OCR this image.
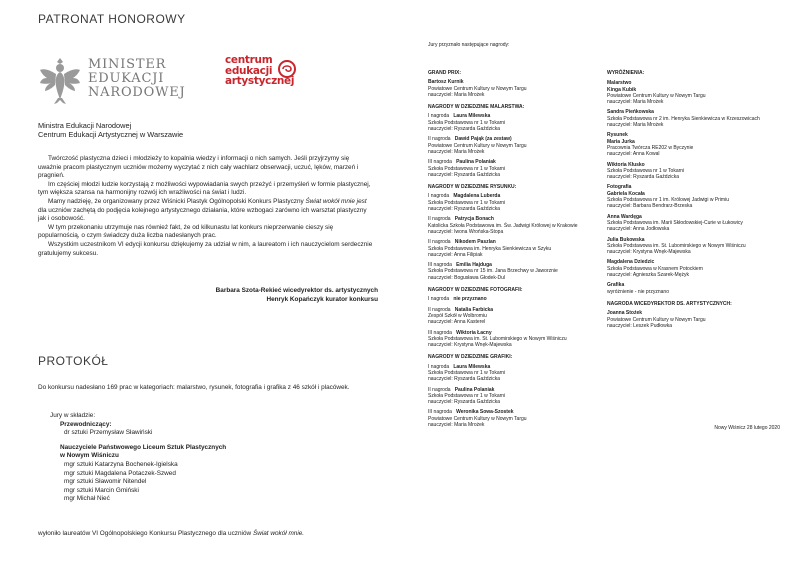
PATRONAT HONOROWY
MINISTER
EDUKACJI
NARODOWEJ
centrum
edukacji
artystycznej
Ministra Edukacji Narodowej
Centrum Edukacji Artystycznej w Warszawie

Twórczość plastyczna dzieci i młodzieży to kopalnia wiedzy i informacji o nich samych. Jeśli przyjrzymy się uważnie pracom plastycznym uczniów możemy wyczytać z nich cały wachlarz obserwacji, uczuć, lęków, marzeń i pragnień.

Im częściej młodzi ludzie korzystają z możliwości wypowiadania swych przeżyć i przemyśleń w formie plastycznej, tym większa szansa na harmonijny rozwój ich wrażliwości na świat i ludzi.

Mamy nadzieję, że organizowany przez Wiśnicki Plastyk Ogólnopolski Konkurs Plastyczny Świat wokół mnie jest dla uczniów zachętą do podjęcia kolejnego artystycznego działania, które wzbogaci zarówno ich warsztat plastyczny jak i osobowość.

W tym przekonaniu utrzymuje nas również fakt, że od kilkunastu lat konkurs nieprzerwanie cieszy się popularnością, o czym świadczy duża liczba nadesłanych prac.

Wszystkim uczestnikom VI edycji konkursu dziękujemy za udział w nim, a laureatom i ich nauczycielom serdecznie gratulujemy sukcesu.

Barbara Szota-Rekieć wicedyrektor ds. artystycznych
Henryk Kopańczyk kurator konkursu
PROTOKÓŁ
Do konkursu nadesłano 169 prac w kategoriach: malarstwo, rysunek, fotografia i grafika z 46 szkół i placówek.
Jury w składzie:
Przewodniczący:
dr sztuki Przemysław Sławiński
Nauczyciele Państwowego Liceum Sztuk Plastycznych
w Nowym Wiśniczu
mgr sztuki Katarzyna Bochenek-Igielska
mgr sztuki Magdalena Potaczek-Szwed
mgr sztuki Sławomir Nitendel
mgr sztuki Marcin Gmiński
mgr Michał Nieć
wyłoniło laureatów VI Ogólnopolskiego Konkursu Plastycznego dla uczniów Świat wokół mnie.
Jury przyznało następujące nagrody:
GRAND PRIX:
Bartosz Kurnik
Powiatowe Centrum Kultury w Nowym Targu
nauczyciel: Maria Mrożek
NAGRODY W DZIEDZINIE MALARSTWA:
I nagroda Laura Milewska
Szkoła Podstawowa nr 1 w Tokarni
nauczyciel: Ryszarda Gaździcka
II nagroda Dawid Pająk (za zestaw)
Powiatowe Centrum Kultury w Nowym Targu
nauczyciel: Maria Mrożek
III nagroda Paulina Polaniak
Szkoła Podstawowa nr 1 w Tokarni
nauczyciel: Ryszarda Gaździcka
NAGRODY W DZIEDZINIE RYSUNKU:
I nagroda Magdalena Luberda
Szkoła Podstawowa nr 1 w Tokarni
nauczyciel: Ryszarda Gaździcka
II nagroda Patrycja Bonach
Katolicka Szkoła Podstawowa im. Św. Jadwigi Królowej w Krakowie
nauczyciel: Iwona Wrońska-Stopa
II nagroda Nikodem Paszlan
Szkoła Podstawowa im. Henryka Sienkiewicza w Szyku
nauczyciel: Anna Filipiak
III nagroda Emilia Hajduga
Szkoła Podstawowa nr 15 im. Jana Brzechwy w Jaworznie
nauczyciel: Bogusława Głodek-Dul
NAGRODY W DZIEDZINIE FOTOGRAFII:
I nagroda nie przyznano
II nagroda Natalia Farbicka
Zespół Szkół w Wolbromiu
nauczyciel: Anna Kasterel
III nagroda Wiktoria Łacny
Szkoła Podstawowa im. St. Lubomirskiego w Nowym Wiśniczu
nauczyciel: Krystyna Wnęk-Majewska
NAGRODY W DZIEDZINIE GRAFIKI:
I nagroda Laura Milewska
Szkoła Podstawowa nr 1 w Tokarni
nauczyciel: Ryszarda Gaździcka
II nagroda Paulina Polaniak
Szkoła Podstawowa nr 1 w Tokarni
nauczyciel: Ryszarda Gaździcka
III nagroda Weronika Sowa-Szostek
Powiatowe Centrum Kultury w Nowym Targu
nauczyciel: Maria Mrożek
WYRÓŻNIENIA:
Malarstwo
Kinga Kubik
Powiatowe Centrum Kultury w Nowym Targu
nauczyciel: Maria Mrożek
Sandra Pieńkowska
Szkoła Podstawowa nr 2 im. Henryka Sienkiewicza w Krzeszowicach
nauczyciel: Maria Mrożek
Rysunek
Maria Jurka
Pracownia Twórcza RE202 w Byczynie
nauczyciel: Anna Kowal
Wiktoria Kłusko
Szkoła Podstawowa nr 1 w Tokarni
nauczyciel: Ryszarda Gaździcka
Fotografia
Gabriela Kocała
Szkoła Podstawowa nr 1 im. Królowej Jadwigi w Primiu
nauczyciel: Barbara Bendrarz-Brzeska
Anna Wardęga
Szkoła Podstawowa im. Marii Skłodowskiej-Curie w Łukowicy
nauczyciel: Anna Jodłowska
Julia Bukowska
Szkoła Podstawowa im. St. Lubomirskiego w Nowym Wiśniczu
nauczyciel: Krystyna Wnęk-Majewska
Magdalena Dziedzic
Szkoła Podstawowa w Krasnem Potockiem
nauczyciel: Agnieszka Szarek-Mężyk
Grafika
wyróżnienie - nie przyznano
NAGRODA WICEDYREKTOR DS. ARTYSTYCZNYCH:
Joanna Stożek
Powiatowe Centrum Kultury w Nowym Targu
nauczyciel: Leszek Pudłowka
Nowy Wiśnicz 28 lutego 2020
